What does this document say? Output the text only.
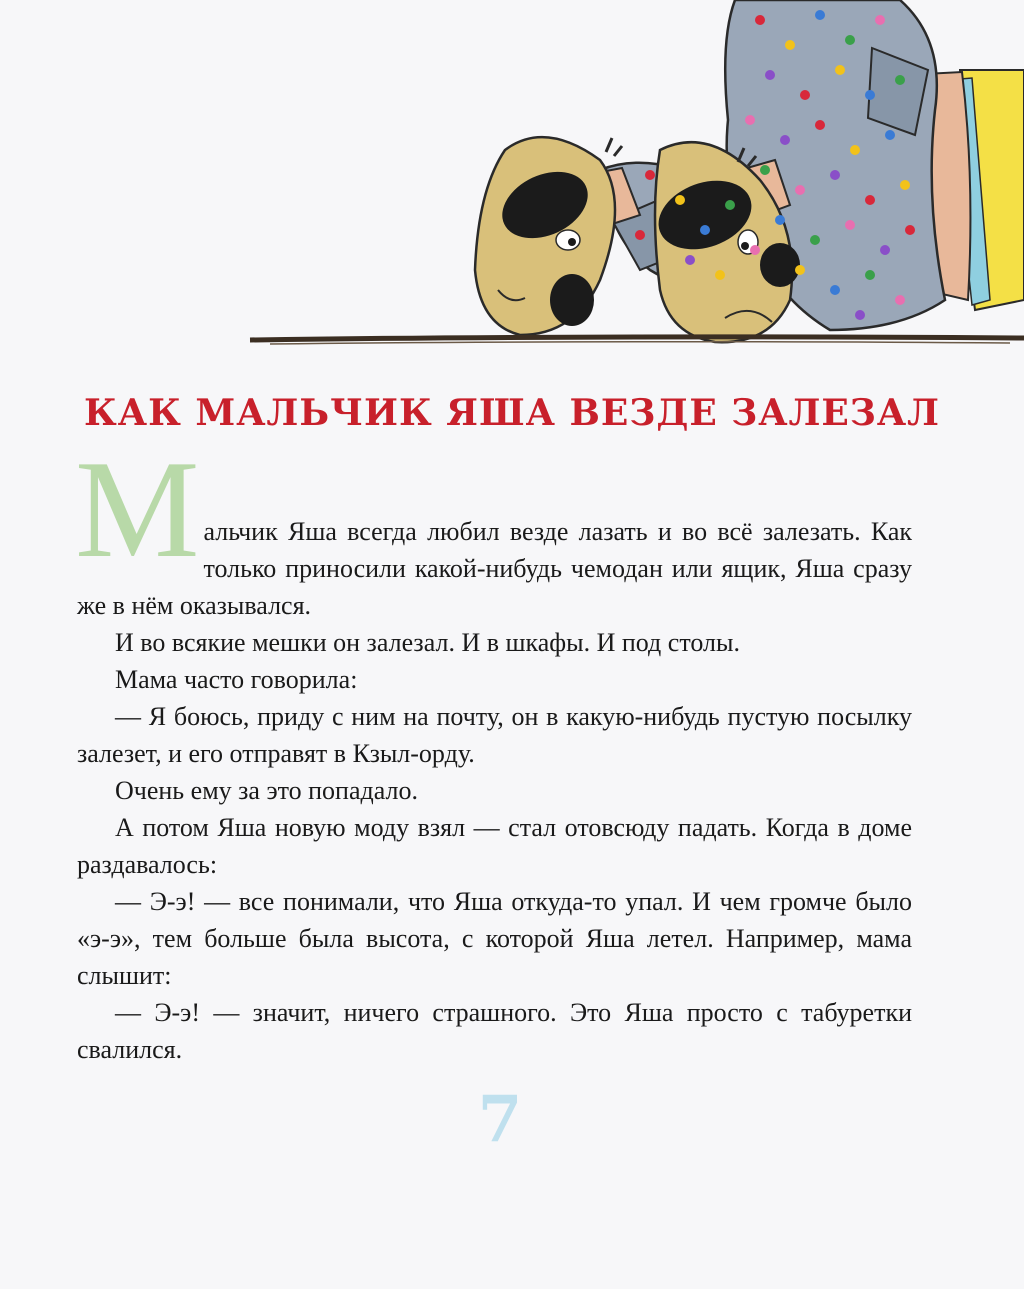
КАК МАЛЬЧИК ЯША ВЕЗДЕ ЗАЛЕЗАЛ
М альчик Яша всегда любил везде лазать и во всё залезать. Как только приносили какой-нибудь чемодан или ящик, Яша сразу же в нём оказывался.

И во всякие мешки он залезал. И в шкафы. И под столы.

Мама часто говорила:

— Я боюсь, приду с ним на почту, он в какую-нибудь пустую посылку залезет, и его отправят в Кзыл-орду.

Очень ему за это попадало.

А потом Яша новую моду взял — стал отовсюду падать. Когда в доме раздавалось:

— Э-э! — все понимали, что Яша откуда-то упал. И чем громче было «э-э», тем больше была высота, с которой Яша летел. Например, мама слышит:

— Э-э! — значит, ничего страшного. Это Яша просто с табуретки свалился.

7
